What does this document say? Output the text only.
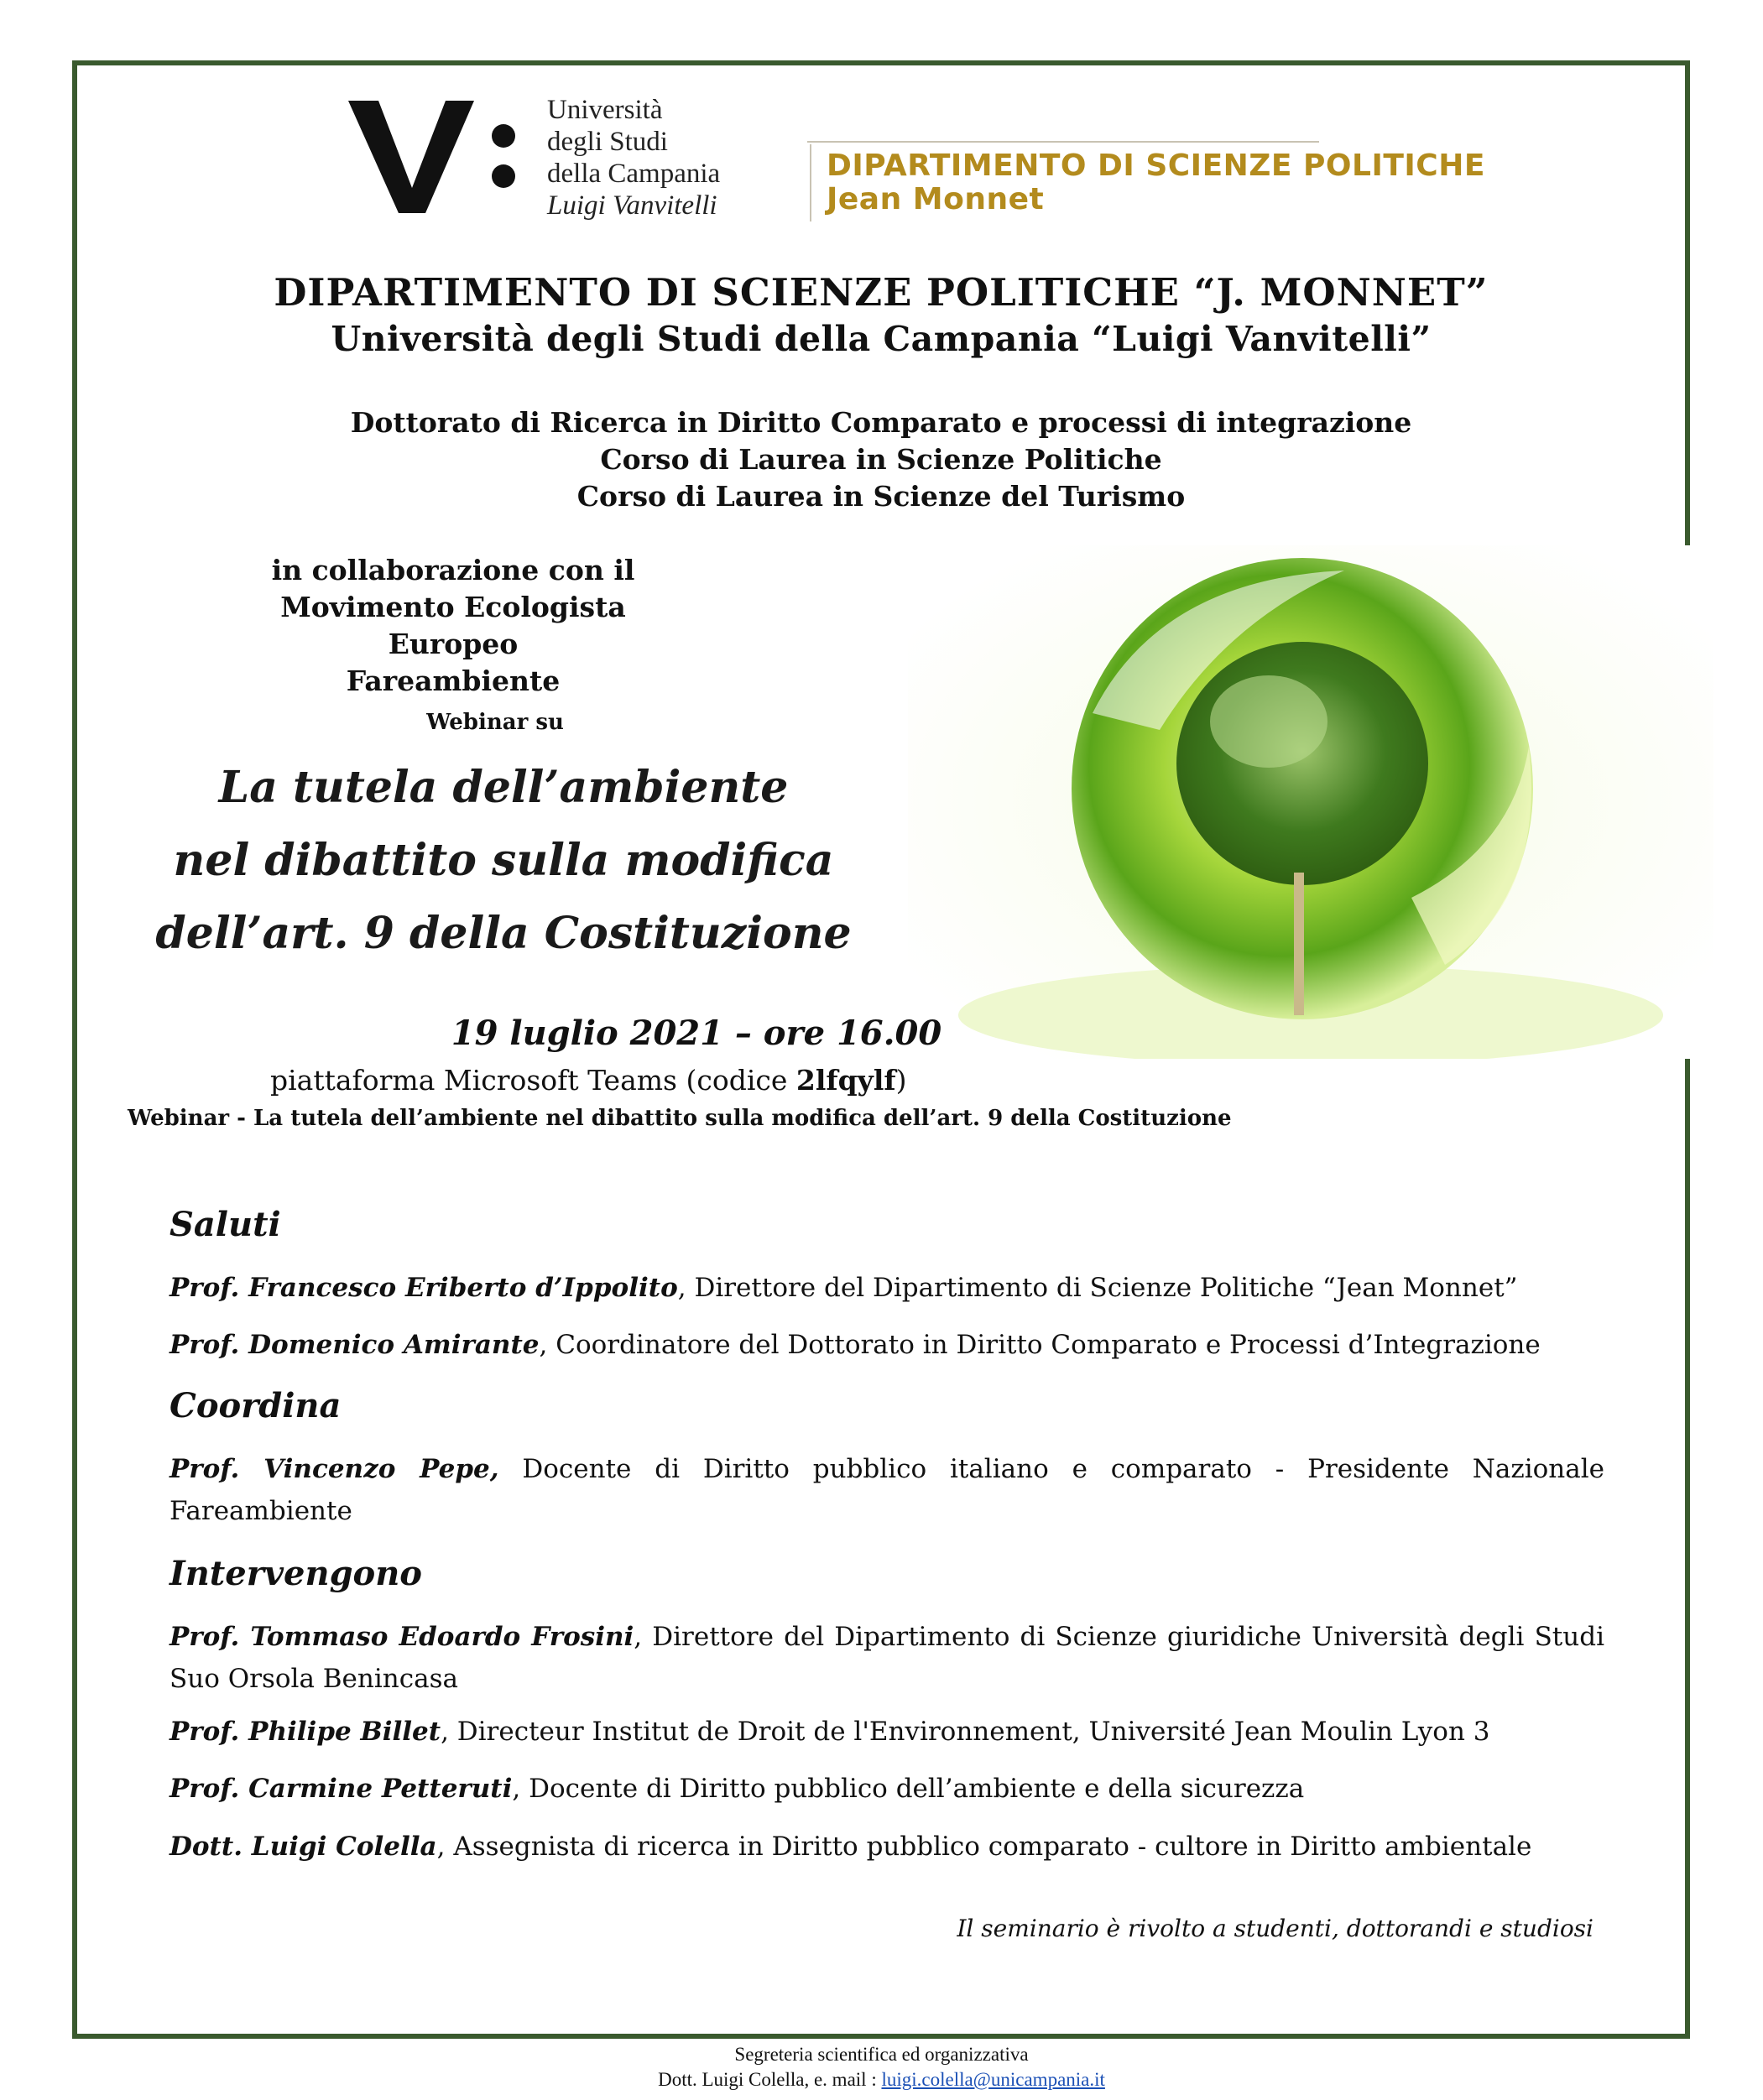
Università
degli Studi
della Campania
Luigi Vanvitelli
DIPARTIMENTO DI SCIENZE POLITICHE
Jean Monnet
DIPARTIMENTO DI SCIENZE POLITICHE “J. MONNET”
Università degli Studi della Campania “Luigi Vanvitelli”
Dottorato di Ricerca in Diritto Comparato e processi di integrazione
Corso di Laurea in Scienze Politiche
Corso di Laurea in Scienze del Turismo
in collaborazione con il
Movimento Ecologista Europeo
Fareambiente
Webinar su
La tutela dell’ambiente
nel dibattito sulla modifica
dell’art. 9 della Costituzione
19 luglio 2021 – ore 16.00
piattaforma Microsoft Teams (codice 2lfqylf)
Webinar - La tutela dell’ambiente nel dibattito sulla modifica dell’art. 9 della Costituzione
Saluti
Prof. Francesco Eriberto d’Ippolito, Direttore del Dipartimento di Scienze Politiche “Jean Monnet”
Prof. Domenico Amirante, Coordinatore del Dottorato in Diritto Comparato e Processi d’Integrazione
Coordina
Prof. Vincenzo Pepe, Docente di Diritto pubblico italiano e comparato - Presidente Nazionale Fareambiente
Intervengono
Prof. Tommaso Edoardo Frosini, Direttore del Dipartimento di Scienze giuridiche Università degli Studi Suo Orsola Benincasa
Prof. Philipe Billet, Directeur Institut de Droit de l'Environnement, Université Jean Moulin Lyon 3
Prof. Carmine Petteruti, Docente di Diritto pubblico dell’ambiente e della sicurezza
Dott. Luigi Colella, Assegnista di ricerca in Diritto pubblico comparato - cultore in Diritto ambientale
Il seminario è rivolto a studenti, dottorandi e studiosi
Segreteria scientifica ed organizzativa
Dott. Luigi Colella, e. mail : luigi.colella@unicampania.it
